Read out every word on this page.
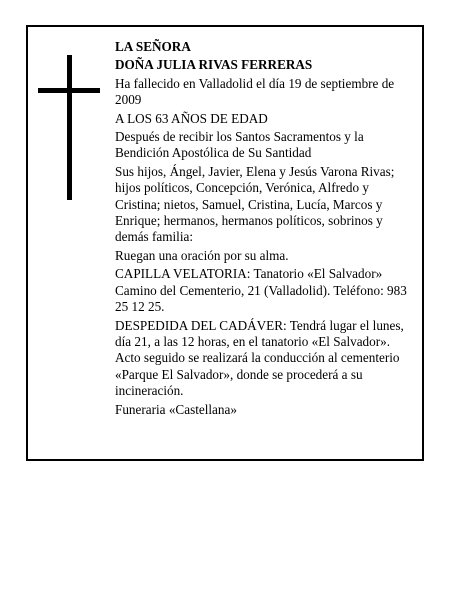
LA SEÑORA

DOÑA JULIA RIVAS FERRERAS

Ha fallecido en Valladolid el día 19 de septiembre de 2009

A LOS 63 AÑOS DE EDAD

Después de recibir los Santos Sacramentos y la Bendición Apostólica de Su Santidad

Sus hijos, Ángel, Javier, Elena y Jesús Varona Rivas; hijos políticos, Concepción, Verónica, Alfredo y Cristina; nietos, Samuel, Cristina, Lucía, Marcos y Enrique; hermanos, hermanos políticos, sobrinos y demás familia:

Ruegan una oración por su alma.

CAPILLA VELATORIA: Tanatorio «El Salvador» Camino del Cementerio, 21 (Valladolid). Teléfono: 983 25 12 25.

DESPEDIDA DEL CADÁVER: Tendrá lugar el lunes, día 21, a las 12 horas, en el tanatorio «El Salvador». Acto seguido se realizará la conducción al cementerio «Parque El Salvador», donde se procederá a su incineración.

Funeraria «Castellana»
